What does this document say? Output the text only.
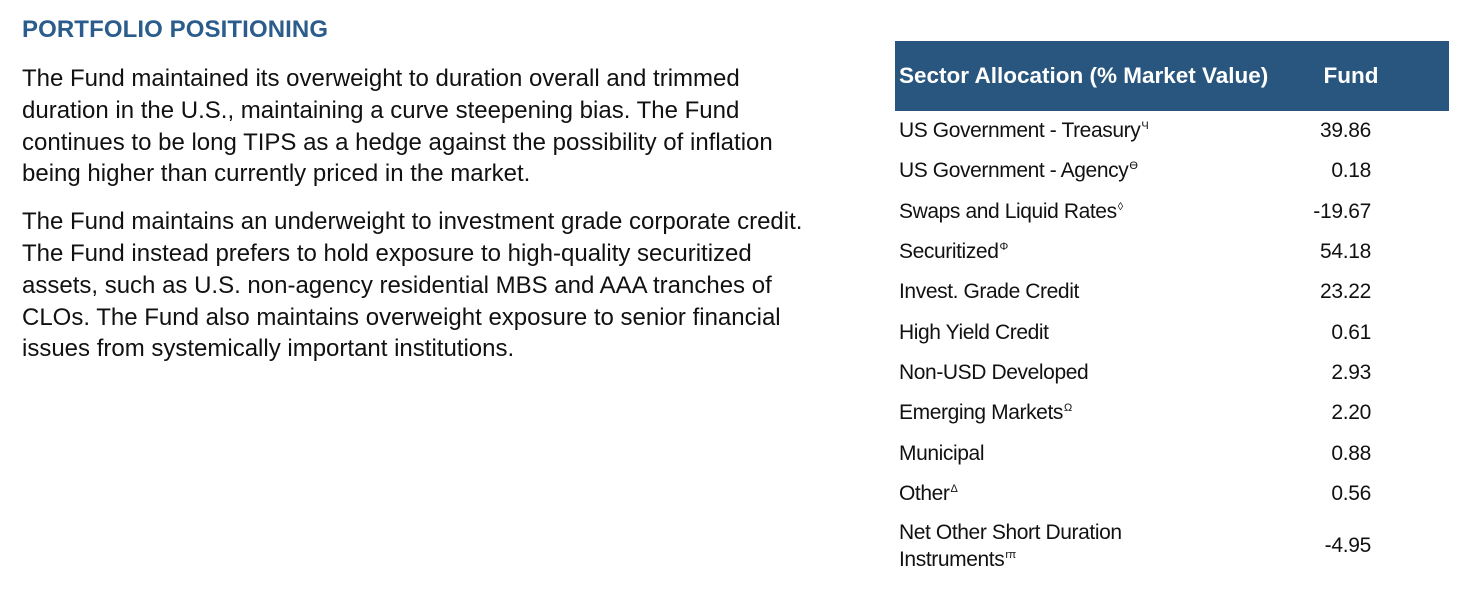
PORTFOLIO POSITIONING

The Fund maintained its overweight to duration overall and trimmed duration in the U.S., maintaining a curve steepening bias. The Fund continues to be long TIPS as a hedge against the possibility of inflation being higher than currently priced in the market.

The Fund maintains an underweight to investment grade corporate credit. The Fund instead prefers to hold exposure to high-quality securitized assets, such as U.S. non-agency residential MBS and AAA tranches of CLOs. The Fund also maintains overweight exposure to senior financial issues from systemically important institutions.

Sector Allocation (% Market Value)	Fund
US Government - Treasury$^Ч$	39.86
US Government - Agency$^ϴ$	0.18
Swaps and Liquid Rates◊	-19.67
Securitized$^\Phi$	54.18
Invest. Grade Credit	23.22
High Yield Credit	0.61
Non-USD Developed	2.93
Emerging Markets$^\Omega$	2.20
Municipal	0.88
Other$^\Delta$	0.56
Net Other Short Duration Instruments$^{r\pi}$	-4.95
